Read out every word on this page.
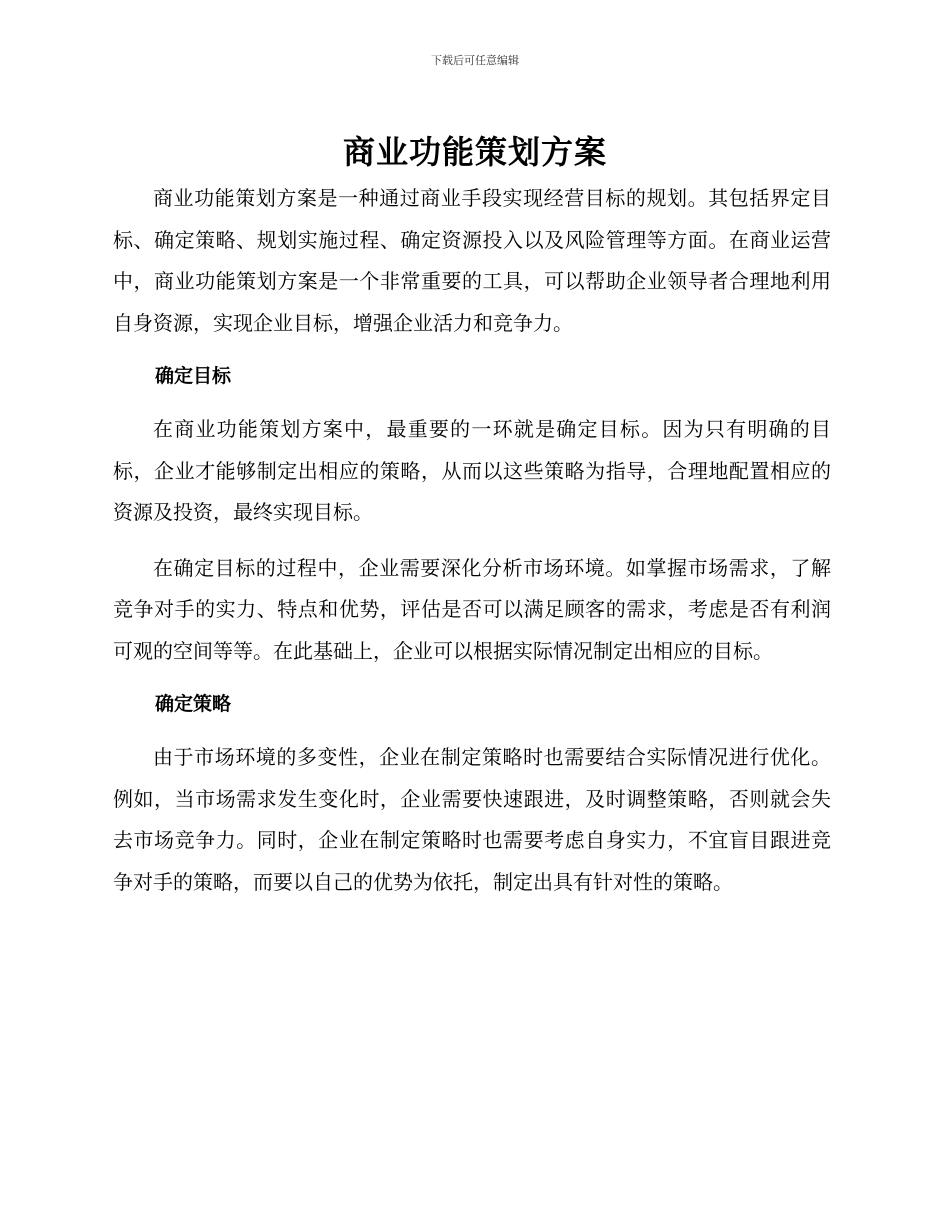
下载后可任意编辑
商业功能策划方案

商业功能策划方案是一种通过商业手段实现经营目标的规划。其包括界定目标、确定策略、规划实施过程、确定资源投入以及风险管理等方面。在商业运营中，商业功能策划方案是一个非常重要的工具，可以帮助企业领导者合理地利用自身资源，实现企业目标，增强企业活力和竞争力。

确定目标

在商业功能策划方案中，最重要的一环就是确定目标。因为只有明确的目标，企业才能够制定出相应的策略，从而以这些策略为指导，合理地配置相应的资源及投资，最终实现目标。

在确定目标的过程中，企业需要深化分析市场环境。如掌握市场需求，了解竞争对手的实力、特点和优势，评估是否可以满足顾客的需求，考虑是否有利润可观的空间等等。在此基础上，企业可以根据实际情况制定出相应的目标。

确定策略

由于市场环境的多变性，企业在制定策略时也需要结合实际情况进行优化。例如，当市场需求发生变化时，企业需要快速跟进，及时调整策略，否则就会失去市场竞争力。同时，企业在制定策略时也需要考虑自身实力，不宜盲目跟进竞争对手的策略，而要以自己的优势为依托，制定出具有针对性的策略。
